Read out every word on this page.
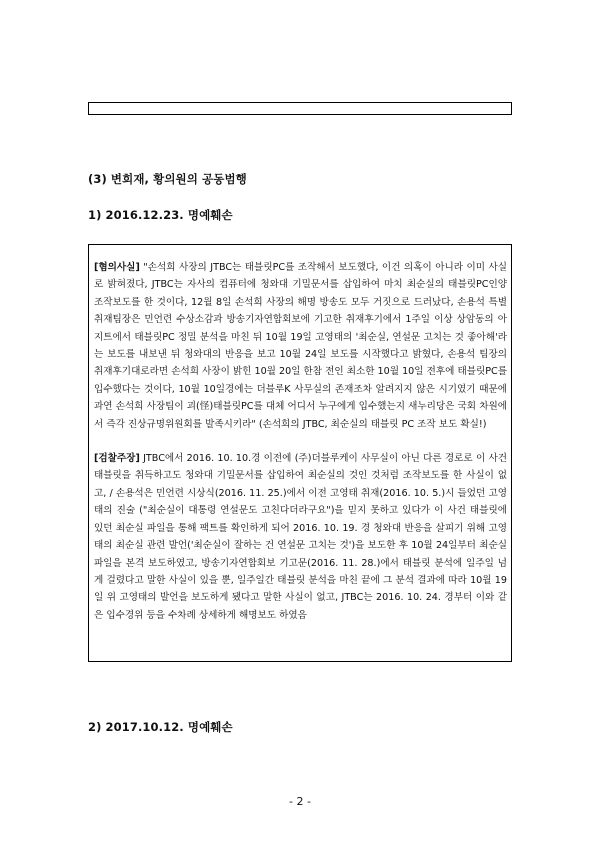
(3) 변희재, 황의원의 공동범행
1) 2016.12.23. 명예훼손

[혐의사실] "손석희 사장의 JTBC는 태블릿PC를 조작해서 보도했다, 이건 의혹이 아니라 이미 사실로 밝혀졌다, JTBC는 자사의 컴퓨터에 청와대 기밀문서를 삽입하여 마치 최순실의 태블릿PC인양 조작보도를 한 것이다, 12월 8일 손석희 사장의 해명 방송도 모두 거짓으로 드러났다, 손용석 특별취재팀장은 민언련 수상소감과 방송기자연합회보에 기고한 취재후기에서 1주일 이상 상암동의 아지트에서 태블릿PC 정밀 분석을 마친 뒤 10월 19일 고영태의 '최순실, 연설문 고치는 것 좋아해'라는 보도를 내보낸 뒤 청와대의 반응을 보고 10월 24일 보도를 시작했다고 밝혔다, 손용석 팀장의 취재후기대로라면 손석희 사장이 밝힌 10월 20일 한참 전인 최소한 10월 10일 전후에 태블릿PC를 입수했다는 것이다, 10월 10일경에는 더블루K 사무실의 존재조차 알려지지 않은 시기였기 때문에 과연 손석희 사장팀이 괴(怪)태블릿PC를 대체 어디서 누구에게 입수했는지 새누리당은 국회 차원에서 즉각 진상규명위원회를 발족시키라" (손석희의 JTBC, 최순실의 태블릿 PC 조작 보도 확실!)

[검찰주장] JTBC에서 2016. 10. 10.경 이전에 (주)더블루케이 사무실이 아닌 다른 경로로 이 사건 태블릿을 취득하고도 청와대 기밀문서를 삽입하여 최순실의 것인 것처럼 조작보도를 한 사실이 없고, / 손용석은 민언련 시상식(2016. 11. 25.)에서 이전 고영태 취재(2016. 10. 5.)시 들었던 고영태의 진술 ("최순실이 대통령 연설문도 고친다더라구요")을 믿지 못하고 있다가 이 사건 태블릿에 있던 최순실 파일을 통해 팩트를 확인하게 되어 2016. 10. 19. 경 청와대 반응을 살피기 위해 고영태의 최순실 관련 발언('최순실이 잘하는 건 연설문 고치는 것')을 보도한 후 10월 24일부터 최순실 파일을 본격 보도하였고, 방송기자연합회보 기고문(2016. 11. 28.)에서 태블릿 분석에 일주일 넘게 걸렸다고 말한 사실이 있을 뿐, 일주일간 태블릿 분석을 마친 끝에 그 분석 결과에 따라 10월 19일 위 고영태의 발언을 보도하게 됐다고 말한 사실이 없고, JTBC는 2016. 10. 24. 경부터 이와 같은 입수경위 등을 수차례 상세하게 해명보도 하였음

2) 2017.10.12. 명예훼손
- 2 -
